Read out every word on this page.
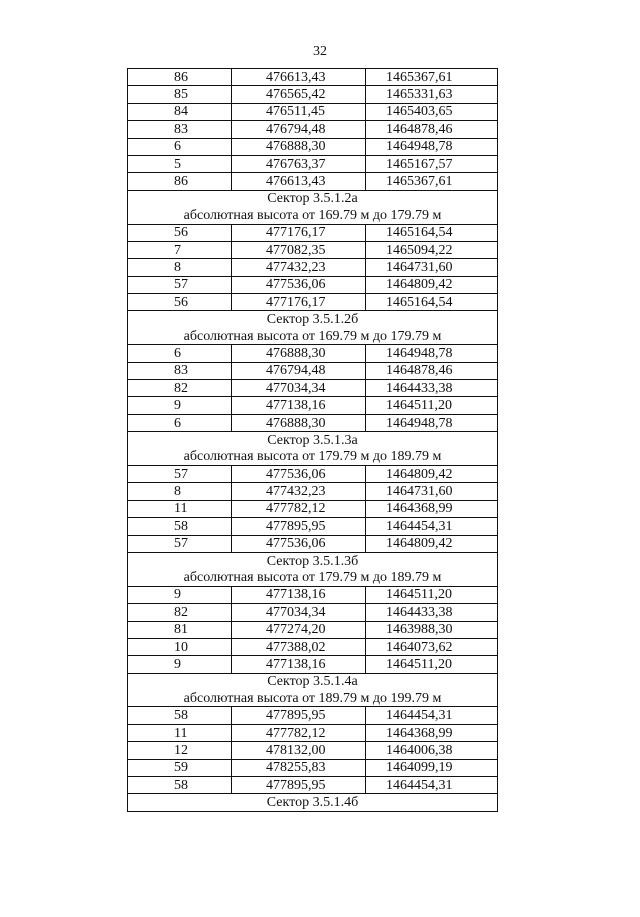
32
86	476613,43	1465367,61
85	476565,42	1465331,63
84	476511,45	1465403,65
83	476794,48	1464878,46
6	476888,30	1464948,78
5	476763,37	1465167,57
86	476613,43	1465367,61
Сектор 3.5.1.2а		
абсолютная высота от 169.79 м до 179.79 м		
56	477176,17	1465164,54
7	477082,35	1465094,22
8	477432,23	1464731,60
57	477536,06	1464809,42
56	477176,17	1465164,54
Сектор 3.5.1.2б		
абсолютная высота от 169.79 м до 179.79 м		
6	476888,30	1464948,78
83	476794,48	1464878,46
82	477034,34	1464433,38
9	477138,16	1464511,20
6	476888,30	1464948,78
Сектор 3.5.1.3а		
абсолютная высота от 179.79 м до 189.79 м		
57	477536,06	1464809,42
8	477432,23	1464731,60
11	477782,12	1464368,99
58	477895,95	1464454,31
57	477536,06	1464809,42
Сектор 3.5.1.3б		
абсолютная высота от 179.79 м до 189.79 м		
9	477138,16	1464511,20
82	477034,34	1464433,38
81	477274,20	1463988,30
10	477388,02	1464073,62
9	477138,16	1464511,20
Сектор 3.5.1.4а		
абсолютная высота от 189.79 м до 199.79 м		
58	477895,95	1464454,31
11	477782,12	1464368,99
12	478132,00	1464006,38
59	478255,83	1464099,19
58	477895,95	1464454,31
Сектор 3.5.1.4б		
